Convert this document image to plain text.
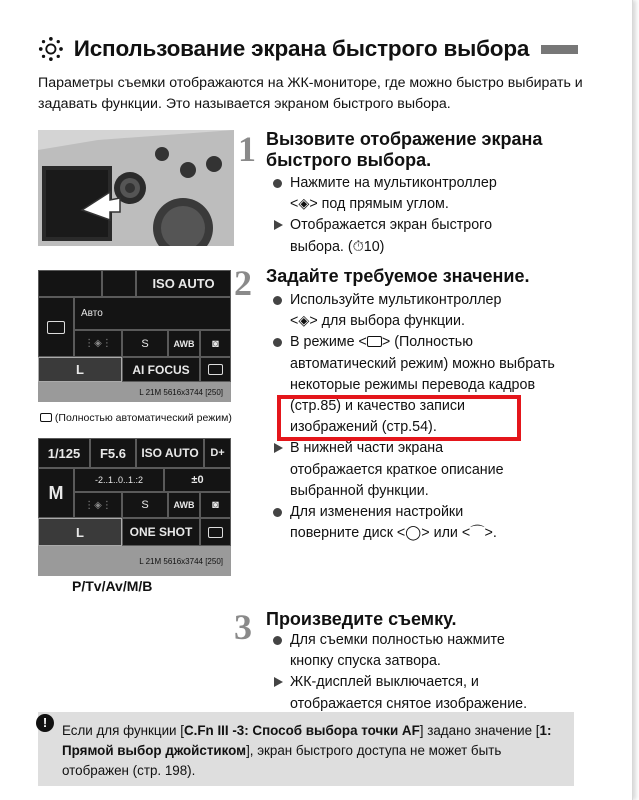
Использование экрана быстрого выбора
Параметры съемки отображаются на ЖК-мониторе, где можно быстро выбирать и задавать функции. Это называется экраном быстрого выбора.
1 Вызовите отображение экрана
быстрого выбора.
Нажмите на мультиконтроллер
<◈> под прямым углом.
Отображается экран быстрого
выбора. (⏱10)
ISO AUTO
Авто
⋮◈⋮	S	AWB	◙
L	AI FOCUS
L 21M 5616x3744 [250]
(Полностью автоматический режим)
1/125	F5.6	ISO AUTO	D+
M
-2..1..0..1.:2	±0
⋮◈⋮	S	AWB	◙
L	ONE SHOT
L 21M 5616x3744 [250]
P/Tv/Av/M/B
2 Задайте требуемое значение.
Используйте мультиконтроллер
<◈> для выбора функции.
В режиме < > (Полностью
автоматический режим) можно выбрать
некоторые режимы перевода кадров
(стр.85) и качество записи
изображений (стр.54).
В нижней части экрана
отображается краткое описание
выбранной функции.
Для изменения настройки
поверните диск <◯> или <⌒>.
3 Произведите съемку.
Для съемки полностью нажмите
кнопку спуска затвора.
ЖК-дисплей выключается, и
отображается снятое изображение.
!
Если для функции [C.Fn III -3: Способ выбора точки AF] задано значение [1: Прямой выбор джойстиком], экран быстрого доступа не может быть отображен (стр. 198).
